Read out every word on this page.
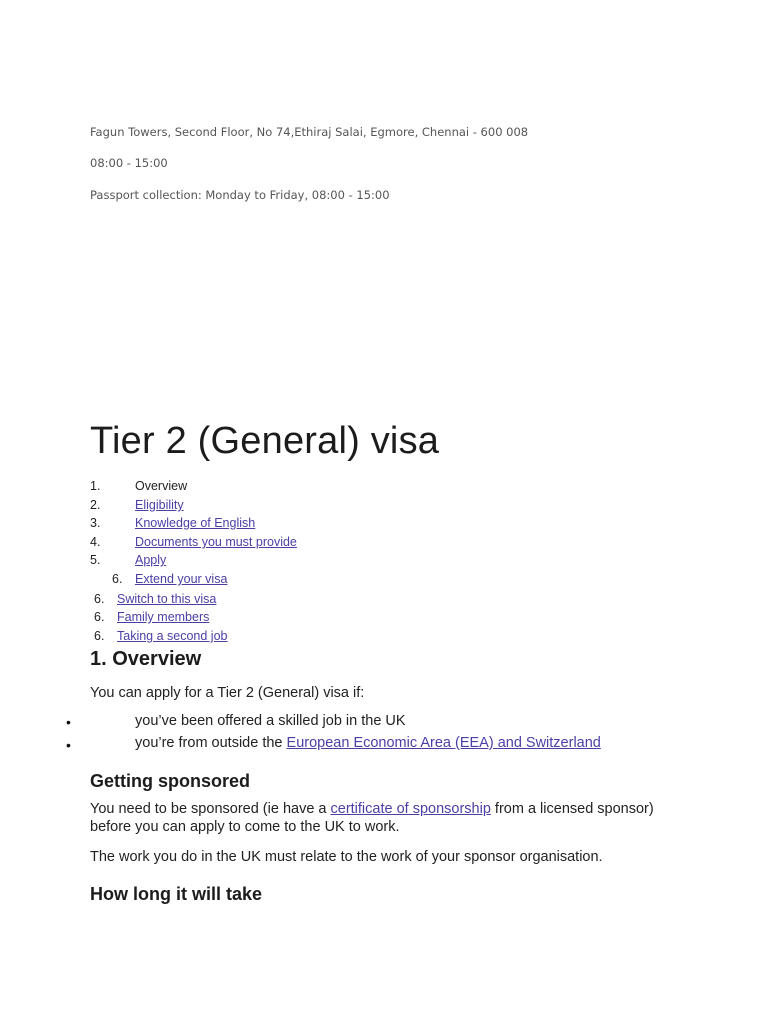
Fagun Towers, Second Floor, No 74,Ethiraj Salai, Egmore, Chennai - 600 008
08:00 - 15:00
Passport collection: Monday to Friday, 08:00 - 15:00
Tier 2 (General) visa
1.	Overview
2.	Eligibility
3.	Knowledge of English
4.	Documents you must provide
5.	Apply
6. Extend your visa
6. Switch to this visa
6. Family members
6. Taking a second job
1. Overview
You can apply for a Tier 2 (General) visa if:
•	you’ve been offered a skilled job in the UK
•	you’re from outside the European Economic Area (EEA) and Switzerland
Getting sponsored
You need to be sponsored (ie have a certificate of sponsorship from a licensed sponsor) before you can apply to come to the UK to work.
The work you do in the UK must relate to the work of your sponsor organisation.
How long it will take
